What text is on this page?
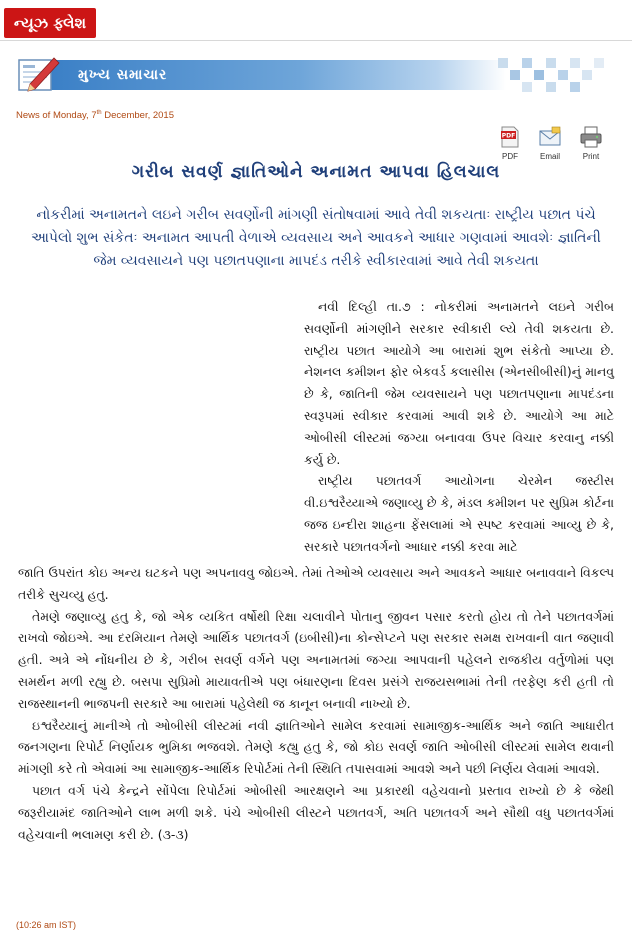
ન્યૂઝ ફ્લેશ
મુખ્ય સમાચાર
News of Monday, 7th December, 2015
PDF
PDF	Email	Print
ગરીબ સવર્ણ જ્ઞાતિઓને અનામત આપવા હિલચાલ
નોકરીમાં અનામતને લઇને ગરીબ સવર્ણોની માંગણી સંતોષવામાં આવે તેવી શકયતાઃ રાષ્ટ્રીય પછાત પંચે આપેલો શુભ સંકેતઃ અનામત આપતી વેળાએ વ્યવસાય અને આવકને આધાર ગણવામાં આવશેઃ જ્ઞાતિની જેમ વ્યવસાયને પણ પછાતપણાના માપદંડ તરીકે સ્વીકારવામાં આવે તેવી શકયતા

નવી દિલ્હી તા.૭ : નોકરીમાં અનામતને લઇને ગરીબ સવર્ણોની માંગણીને સરકાર સ્વીકારી લ્યે તેવી શકયતા છે. રાષ્ટ્રીય પછાત આયોગે આ બારામાં શુભ સંકેતો આપ્યા છે. નેશનલ કમીશન ફોર બેકવર્ડ કલાસીસ (એનસીબીસી)નું માનવુ છે કે, જાતિની જેમ વ્યવસાયને પણ પછાતપણાના માપદંડના સ્વરૂપમાં સ્વીકાર કરવામાં આવી શકે છે. આયોગે આ માટે ઓબીસી લીસ્ટમાં જગ્યા બનાવવા ઉપર વિચાર કરવાનુ નક્કી કર્યુ છે.

રાષ્ટ્રીય પછાતવર્ગ આયોગના ચેરમેન જસ્ટીસ વી.ઇશ્વરૈય્યાએ જણાવ્યુ છે કે, મંડલ કમીશન પર સુપ્રિમ કોર્ટના જજ ઇન્દીરા શાહના ફેંસલામાં એ સ્પષ્ટ કરવામાં આવ્યુ છે કે, સરકારે પછાતવર્ગનો આધાર નક્કી કરવા માટે

જાતિ ઉપરાંત કોઇ અન્ય ઘટકને પણ અપનાવવુ જોઇએ. તેમાં તેઓએ વ્યવસાય અને આવકને આધાર બનાવવાને વિકલ્પ તરીકે સુચવ્યુ હતુ.

તેમણે જણાવ્યુ હતુ કે, જો એક વ્યકિત વર્ષોથી રિક્ષા ચલાવીને પોતાનુ જીવન પસાર કરતો હોય તો તેને પછાતવર્ગમાં રાખવો જોઇએ. આ દરમિયાન તેમણે આર્થિક પછાતવર્ગ (ઇબીસી)ના કોન્સેપ્ટને પણ સરકાર સમક્ષ રાખવાની વાત જણાવી હતી. અત્રે એ નોંધનીય છે કે, ગરીબ સવર્ણ વર્ગને પણ અનામતમાં જગ્યા આપવાની પહેલને રાજકીય વર્તુળોમાં પણ સમર્થન મળી રહ્યુ છે. બસપા સુપ્રિમો માયાવતીએ પણ બંધારણના દિવસ પ્રસંગે રાજયસભામાં તેની તરફેણ કરી હતી તો રાજસ્થાનની ભાજપની સરકારે આ બારામાં પહેલેથી જ કાનૂન બનાવી નાખ્યો છે.

ઇશ્વરૈય્યાનું માનીએ તો ઓબીસી લીસ્ટમાં નવી જ્ઞાતિઓને સામેલ કરવામાં સામાજીક-આર્થિક અને જાતિ આધારીત જનગણના રિપોર્ટ નિર્ણાયક ભુમિકા ભજવશે. તેમણે કહ્યુ હતુ કે, જો કોઇ સવર્ણ જાતિ ઓબીસી લીસ્ટમાં સામેલ થવાની માંગણી કરે તો એવામાં આ સામાજીક-આર્થિક રિપોર્ટમાં તેની સ્થિતિ તપાસવામાં આવશે અને પછી નિર્ણય લેવામાં આવશે.

પછાત વર્ગ પંચે કેન્દ્રને સોંપેલા રિપોર્ટમાં ઓબીસી આરક્ષણને આ પ્રકારથી વહેચવાનો પ્રસ્તાવ રાખ્યો છે કે જેથી જરૂરીયામંદ જાતિઓને લાભ મળી શકે. પંચે ઓબીસી લીસ્ટને પછાતવર્ગ, અતિ પછાતવર્ગ અને સૌથી વધુ પછાતવર્ગમાં વહેચવાની ભલામણ કરી છે. (૩-૩)

(10:26 am IST)
